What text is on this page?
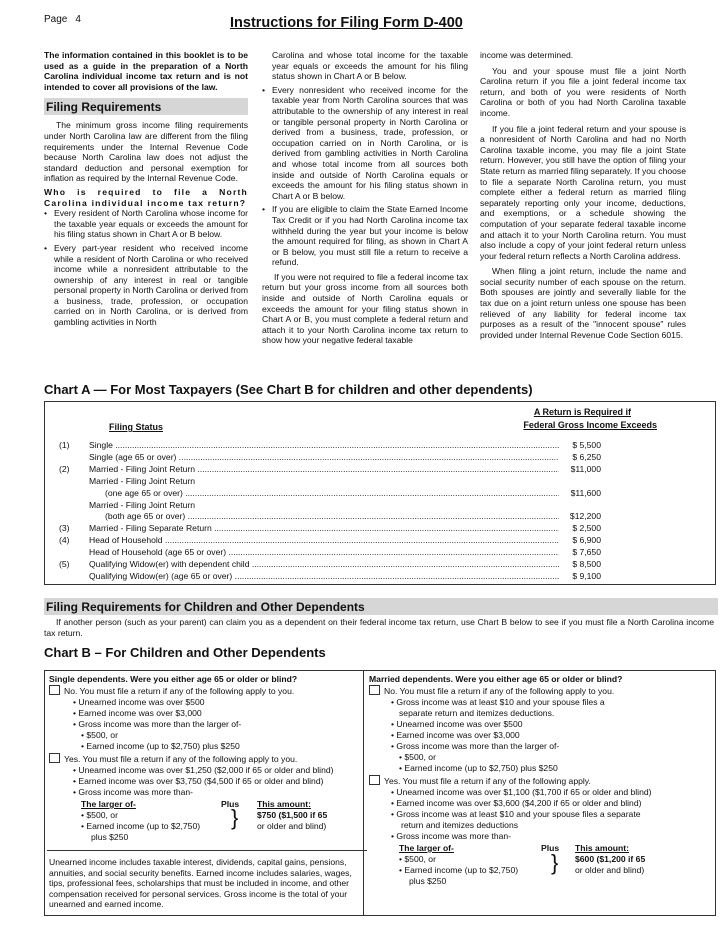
Page 4	Instructions for Filing Form D-400

The information contained in this booklet is to be used as a guide in the preparation of a North Carolina individual income tax return and is not intended to cover all provisions of the law.

Filing Requirements

The minimum gross income filing requirements under North Carolina law are different from the filing requirements under the Internal Revenue Code because North Carolina law does not adjust the standard deduction and personal exemption for inflation as required by the Internal Revenue Code.

Who is required to file a North Carolina individual income tax return?

• Every resident of North Carolina whose income for the taxable year equals or exceeds the amount for his filing status shown in Chart A or B below.
• Every part-year resident who received income while a resident of North Carolina or who received income while a nonresident attributable to the ownership of any interest in real or tangible personal property in North Carolina or derived from a business, trade, profession, or occupation carried on in North Carolina, or is derived from gambling activities in North

Carolina and whose total income for the taxable year equals or exceeds the amount for his filing status shown in Chart A or B below.

• Every nonresident who received income for the taxable year from North Carolina sources that was attributable to the ownership of any interest in real or tangible personal property in North Carolina or derived from a business, trade, profession, or occupation carried on in North Carolina, or is derived from gambling activities in North Carolina and whose total income from all sources both inside and outside of North Carolina equals or exceeds the amount for his filing status shown in Chart A or B below.
• If you are eligible to claim the State Earned Income Tax Credit or if you had North Carolina income tax withheld during the year but your income is below the amount required for filing, as shown in Chart A or B below, you must still file a return to receive a refund.

If you were not required to file a federal income tax return but your gross income from all sources both inside and outside of North Carolina equals or exceeds the amount for your filing status shown in Chart A or B, you must complete a federal return and attach it to your North Carolina income tax return to show how your negative federal taxable

income was determined.

You and your spouse must file a joint North Carolina return if you file a joint federal income tax return, and both of you were residents of North Carolina or both of you had North Carolina taxable income.

If you file a joint federal return and your spouse is a nonresident of North Carolina and had no North Carolina taxable income, you may file a joint State return. However, you still have the option of filing your State return as married filing separately. If you choose to file a separate North Carolina return, you must complete either a federal return as married filing separately reporting only your income, deductions, and exemptions, or a schedule showing the computation of your separate federal taxable income and attach it to your North Carolina return. You must also include a copy of your joint federal return unless your federal return reflects a North Carolina address.

When filing a joint return, include the name and social security number of each spouse on the return. Both spouses are jointly and severally liable for the tax due on a joint return unless one spouse has been relieved of any liability for federal income tax purposes as a result of the "innocent spouse" rules provided under Internal Revenue Code Section 6015.

Chart A — For Most Taxpayers (See Chart B for children and other dependents)
A Return is Required if
Federal Gross Income Exceeds
Filing Status
(1) Single .....	$ 5,500
Single (age 65 or over) .....	$ 6,250
(2) Married - Filing Joint Return .....	$11,000
Married - Filing Joint Return
(one age 65 or over) .....	$11,600
Married - Filing Joint Return
(both age 65 or over) .....	$12,200
(3) Married - Filing Separate Return .....	$ 2,500
(4) Head of Household .....	$ 6,900
Head of Household (age 65 or over) .....	$ 7,650
(5) Qualifying Widow(er) with dependent child .....	$ 8,500
Qualifying Widow(er) (age 65 or over) .....	$ 9,100
Filing Requirements for Children and Other Dependents

If another person (such as your parent) can claim you as a dependent on their federal income tax return, use Chart B below to see if you must file a North Carolina income tax return.

Chart B – For Children and Other Dependents
Single dependents. Were you either age 65 or older or blind?
No. You must file a return if any of the following apply to you.
• Unearned income was over $500
• Earned income was over $3,000
• Gross income was more than the larger of-
• $500, or
• Earned income (up to $2,750) plus $250
Yes. You must file a return if any of the following apply to you.
• Unearned income was over $1,250 ($2,000 if 65 or older and blind)
• Earned income was over $3,750 ($4,500 if 65 or older and blind)
• Gross income was more than-
The larger of-	Plus This amount:
• $500, or
• Earned income (up to $2,750)
plus $250
} $750 ($1,500 if 65
or older and blind)
Unearned income includes taxable interest, dividends, capital gains, pensions, annuities, and social security benefits. Earned income includes salaries, wages, tips, professional fees, scholarships that must be included in income, and other compensation received for personal services. Gross income is the total of your unearned and earned income.
Married dependents. Were you either age 65 or older or blind?
No. You must file a return if any of the following apply to you.
• Gross income was at least $10 and your spouse files a
separate return and itemizes deductions.
• Unearned income was over $500
• Earned income was over $3,000
• Gross income was more than the larger of-
• $500, or
• Earned income (up to $2,750) plus $250
Yes. You must file a return if any of the following apply.
• Unearned income was over $1,100 ($1,700 if 65 or older and blind)
• Earned income was over $3,600 ($4,200 if 65 or older and blind)
• Gross income was at least $10 and your spouse files a separate
return and itemizes deductions
• Gross income was more than-
The larger of-	Plus This amount:
• $500, or
• Earned income (up to $2,750)
plus $250
} $600 ($1,200 if 65
or older and blind)
